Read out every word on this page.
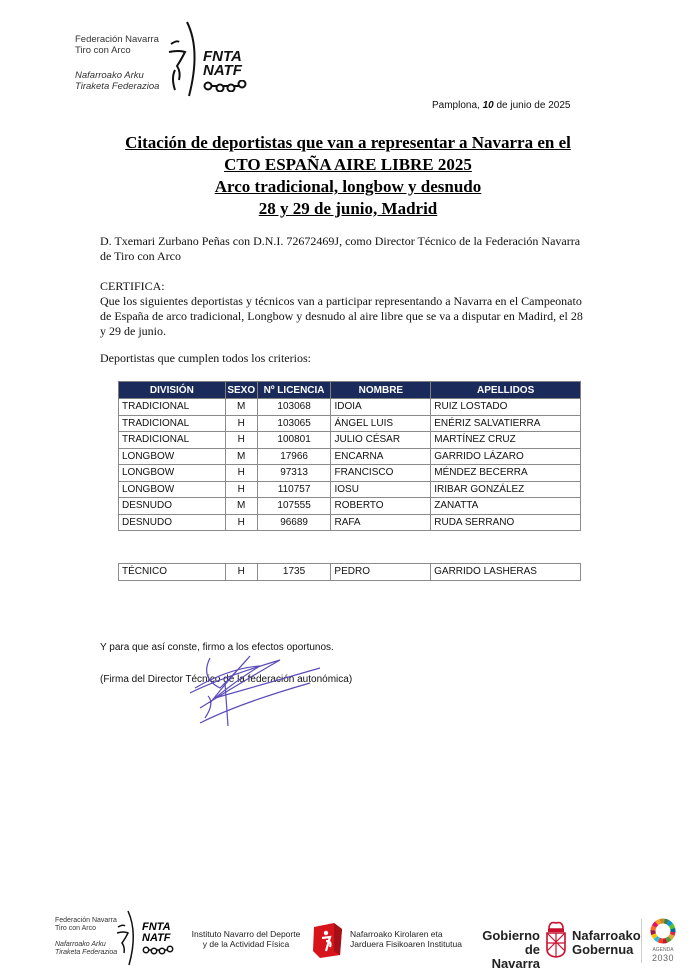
Federación Navarra
Tiro con Arco
Nafarroako Arku
Tiraketa Federazioa
FNTA
NATF
Pamplona, 10 de junio de 2025
Citación de deportistas que van a representar a Navarra en el
CTO ESPAÑA AIRE LIBRE 2025
Arco tradicional, longbow y desnudo
28 y 29 de junio, Madrid
D. Txemari Zurbano Peñas con D.N.I. 72672469J, como Director Técnico de la Federación Navarra
de Tiro con Arco
CERTIFICA:
Que los siguientes deportistas y técnicos van a participar representando a Navarra en el Campeonato
de España de arco tradicional, Longbow y desnudo al aire libre que se va a disputar en Madird, el 28
y 29 de junio.
Deportistas que cumplen todos los criterios:
DIVISIÓN	SEXO	Nº LICENCIA	NOMBRE	APELLIDOS
TRADICIONAL	M	103068	IDOIA	RUIZ LOSTADO
TRADICIONAL	H	103065	ÁNGEL LUIS	ENÉRIZ SALVATIERRA
TRADICIONAL	H	100801	JULIO CÉSAR	MARTÍNEZ CRUZ
LONGBOW	M	17966	ENCARNA	GARRIDO LÁZARO
LONGBOW	H	97313	FRANCISCO	MÉNDEZ BECERRA
LONGBOW	H	110757	IOSU	IRIBAR GONZÁLEZ
DESNUDO	M	107555	ROBERTO	ZANATTA
DESNUDO	H	96689	RAFA	RUDA SERRANO
TÉCNICO	H	1735	PEDRO	GARRIDO LASHERAS
Y para que así conste, firmo a los efectos oportunos.
(Firma del Director Técnico de la federación autonómica)
Federación Navarra
Tiro con Arco
Nafarroako Arku
Tiraketa Federazioa
FNTA
NATF	Instituto Navarro del Deporte
y de la Actividad Física
Nafarroako Kirolaren eta
Jarduera Fisikoaren Institutua
Gobierno
de Navarra
Nafarroako
Gobernua	AGENDA
2030
